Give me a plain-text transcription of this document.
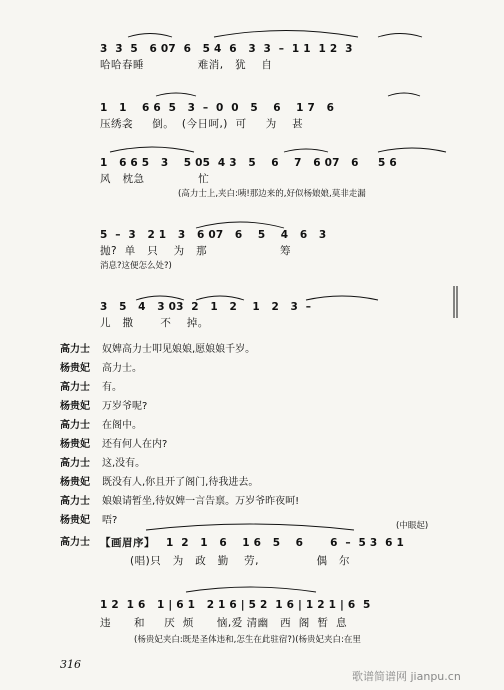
3  3̇  5   6 07  6   5 4  6   3  3  –  1 1  1 2  3
哈哈春睡              难消,   犹    自
1   1    6 6  5   3  –  0  0   5    6    1 7   6
压绣衾     倒。  (今日呵,)  可     为    甚
1   6 6 5   3    5 05  4 3   5    6    7   6 07   6     5 6
风   枕急              忙
(高力士上,夹白:咦!那边来的,好似杨娘娘,莫非走漏
5  –  3   2 1   3   6 07   6    5    4   6   3
抛?  单   只    为   那                   筹
消息?这便怎么处?)
3   5   4   3 03  2   1   2    1   2   3  –
儿   撒       不    掉。
高力士 奴婢高力士叩见娘娘,愿娘娘千岁。
杨贵妃 高力士。
高力士 有。
杨贵妃 万岁爷呢?
高力士 在阁中。
杨贵妃 还有何人在内?
高力士 这,没有。
杨贵妃 既没有人,你且开了阁门,待我进去。
高力士 娘娘请暂坐,待奴婢一言告禀。万岁爷昨夜呵!
杨贵妃 唔?
高力士 【画眉序】
(中眼起)
1  2   1   6    1 6   5    6       6  –  5 3  6 1
(唱)只   为   政   勤    劳,               偶   尔
1 2  1 6   1 | 6 1   2 1 6 | 5 2  1 6 | 1 2 1 | 6  5
违      和     厌  烦      恼,爱 清幽   西  阁  暂  息
(杨贵妃夹白:既是圣体违和,怎生在此驻宿?)(杨贵妃夹白:在里
316
歌谱简谱网 jianpu.cn
